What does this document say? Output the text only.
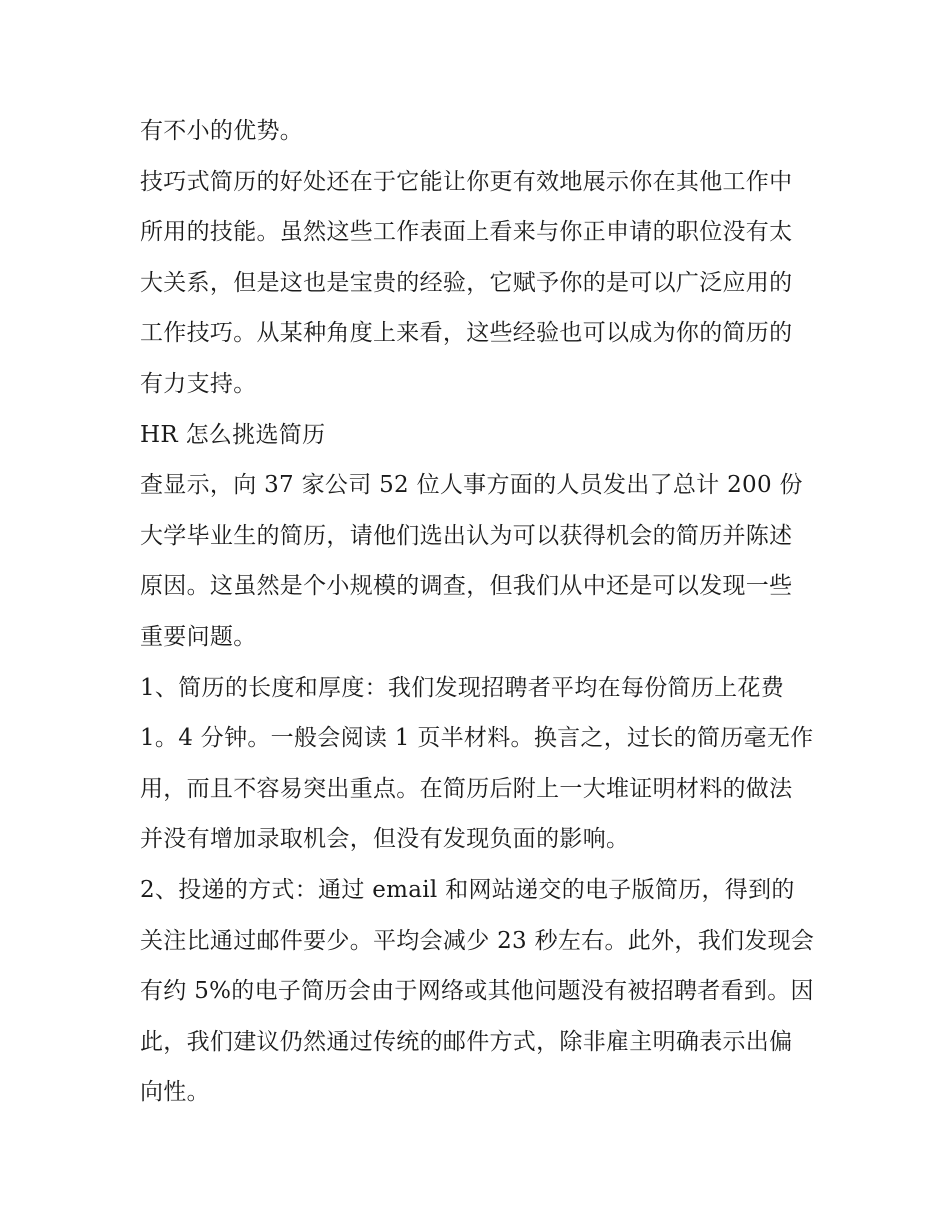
有不小的优势。

技巧式简历的好处还在于它能让你更有效地展示你在其他工作中所用的技能。虽然这些工作表面上看来与你正申请的职位没有太大关系，但是这也是宝贵的经验，它赋予你的是可以广泛应用的工作技巧。从某种角度上来看，这些经验也可以成为你的简历的有力支持。

HR 怎么挑选简历

查显示，向 37 家公司 52 位人事方面的人员发出了总计 200 份大学毕业生的简历，请他们选出认为可以获得机会的简历并陈述原因。这虽然是个小规模的调查，但我们从中还是可以发现一些重要问题。

1、简历的长度和厚度：我们发现招聘者平均在每份简历上花费 1。4 分钟。一般会阅读 1 页半材料。换言之，过长的简历毫无作用，而且不容易突出重点。在简历后附上一大堆证明材料的做法并没有增加录取机会，但没有发现负面的影响。

2、投递的方式：通过 email 和网站递交的电子版简历，得到的关注比通过邮件要少。平均会减少 23 秒左右。此外，我们发现会有约 5%的电子简历会由于网络或其他问题没有被招聘者看到。因此，我们建议仍然通过传统的邮件方式，除非雇主明确表示出偏向性。
